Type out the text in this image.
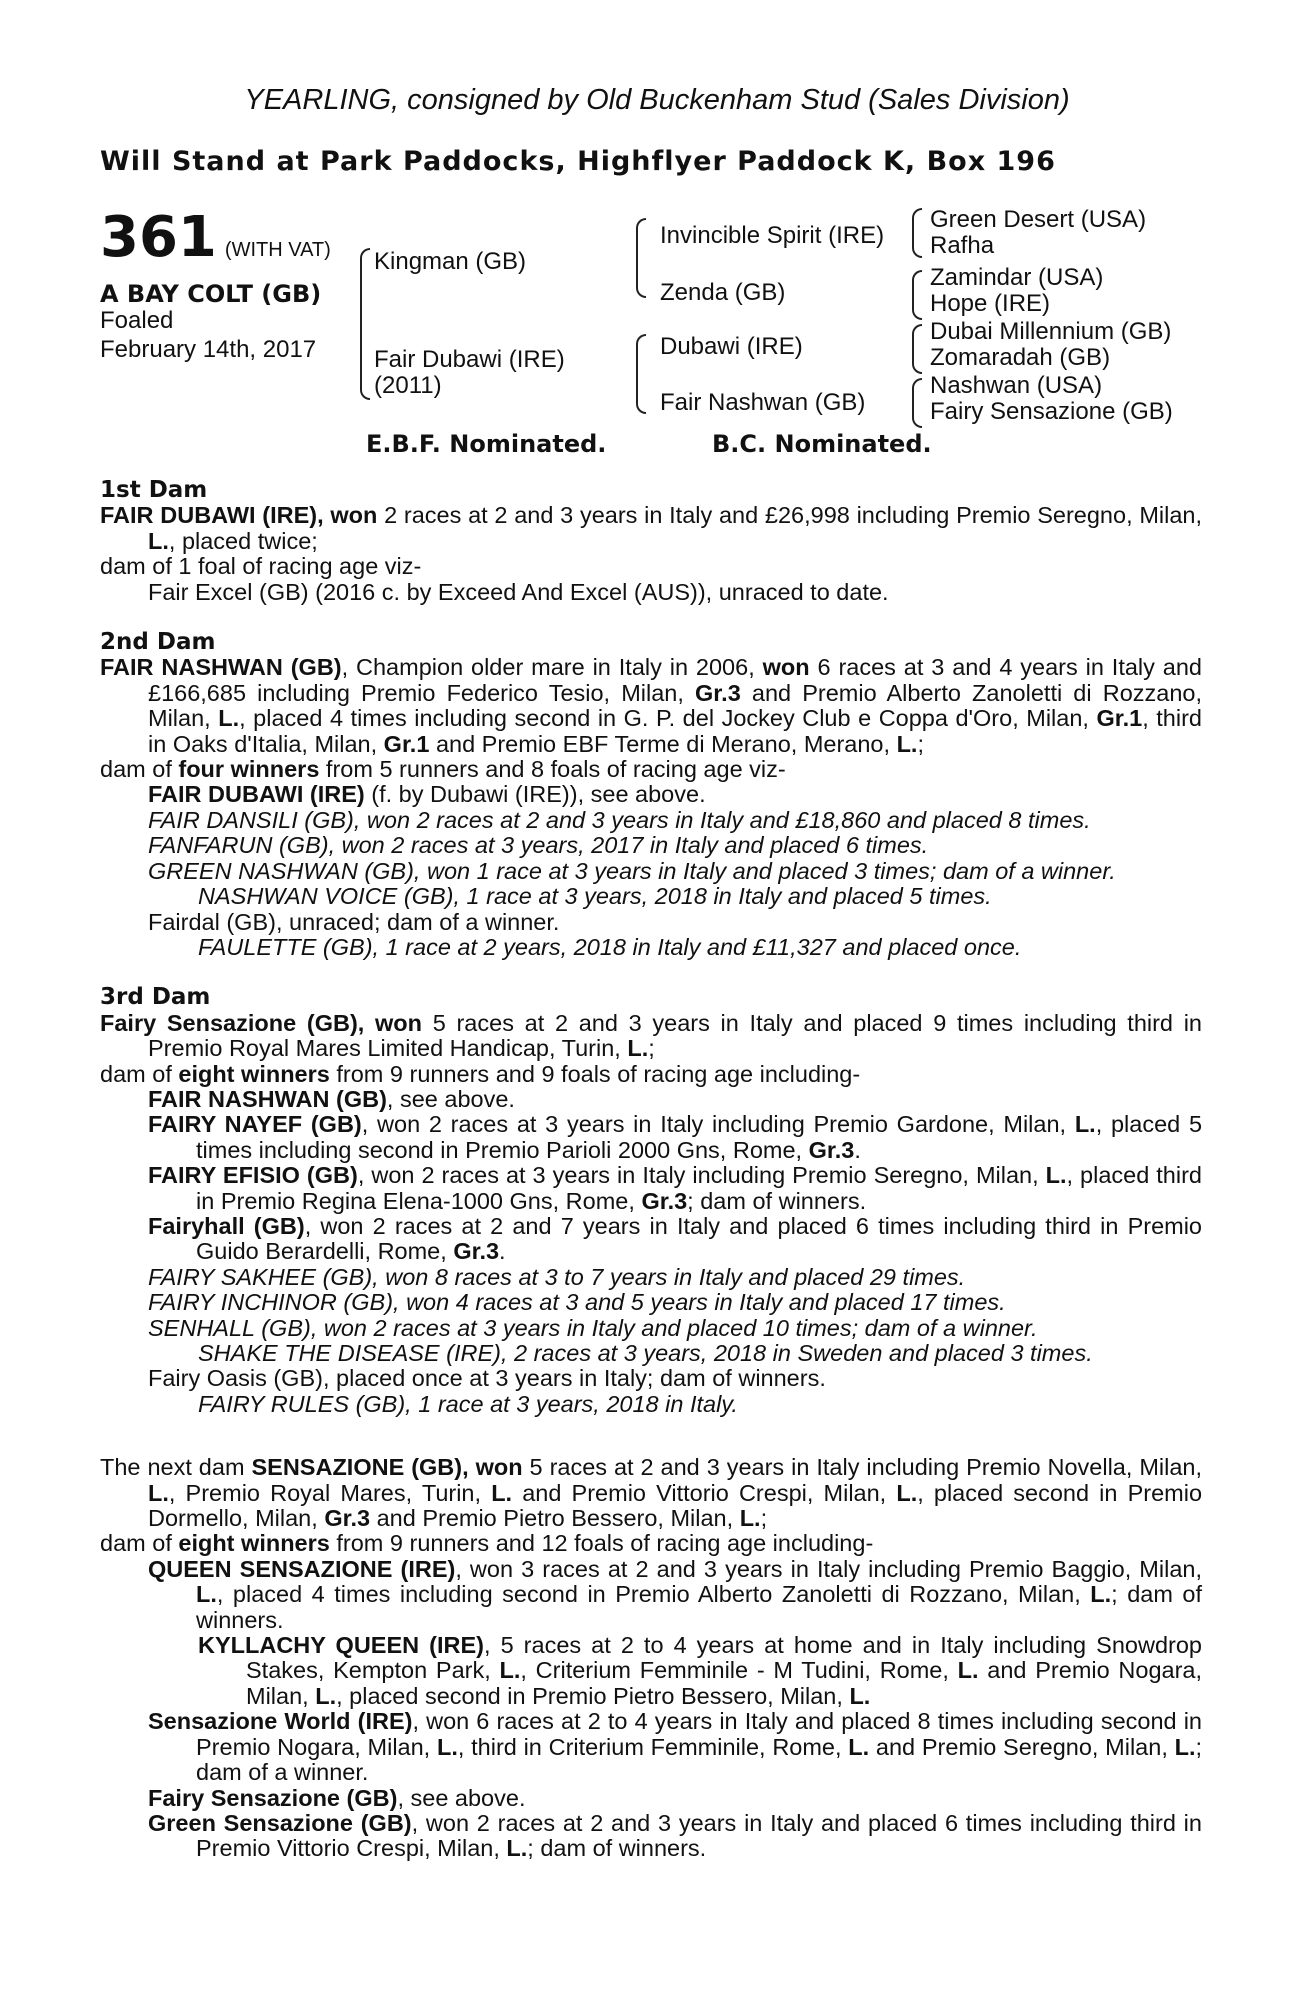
YEARLING, consigned by Old Buckenham Stud (Sales Division)
Will Stand at Park Paddocks, Highflyer Paddock K, Box 196
361 (WITH VAT)
A BAY COLT (GB)
Foaled
February 14th, 2017
Kingman (GB)
Fair Dubawi (IRE)
(2011)
Invincible Spirit (IRE)
Zenda (GB)
Dubawi (IRE)
Fair Nashwan (GB)
Green Desert (USA)
Rafha
Zamindar (USA)
Hope (IRE)
Dubai Millennium (GB)
Zomaradah (GB)
Nashwan (USA)
Fairy Sensazione (GB)
E.B.F. Nominated.	B.C. Nominated.
1st Dam

FAIR DUBAWI (IRE), won 2 races at 2 and 3 years in Italy and £26,998 including Premio Seregno, Milan, L., placed twice;

dam of 1 foal of racing age viz-

Fair Excel (GB) (2016 c. by Exceed And Excel (AUS)), unraced to date.

2nd Dam

FAIR NASHWAN (GB), Champion older mare in Italy in 2006, won 6 races at 3 and 4 years in Italy and £166,685 including Premio Federico Tesio, Milan, Gr.3 and Premio Alberto Zanoletti di Rozzano, Milan, L., placed 4 times including second in G. P. del Jockey Club e Coppa d'Oro, Milan, Gr.1, third in Oaks d'Italia, Milan, Gr.1 and Premio EBF Terme di Merano, Merano, L.;

dam of four winners from 5 runners and 8 foals of racing age viz-

FAIR DUBAWI (IRE) (f. by Dubawi (IRE)), see above.

FAIR DANSILI (GB), won 2 races at 2 and 3 years in Italy and £18,860 and placed 8 times.

FANFARUN (GB), won 2 races at 3 years, 2017 in Italy and placed 6 times.

GREEN NASHWAN (GB), won 1 race at 3 years in Italy and placed 3 times; dam of a winner.

NASHWAN VOICE (GB), 1 race at 3 years, 2018 in Italy and placed 5 times.

Fairdal (GB), unraced; dam of a winner.

FAULETTE (GB), 1 race at 2 years, 2018 in Italy and £11,327 and placed once.

3rd Dam

Fairy Sensazione (GB), won 5 races at 2 and 3 years in Italy and placed 9 times including third in Premio Royal Mares Limited Handicap, Turin, L.;

dam of eight winners from 9 runners and 9 foals of racing age including-

FAIR NASHWAN (GB), see above.

FAIRY NAYEF (GB), won 2 races at 3 years in Italy including Premio Gardone, Milan, L., placed 5 times including second in Premio Parioli 2000 Gns, Rome, Gr.3.

FAIRY EFISIO (GB), won 2 races at 3 years in Italy including Premio Seregno, Milan, L., placed third in Premio Regina Elena-1000 Gns, Rome, Gr.3; dam of winners.

Fairyhall (GB), won 2 races at 2 and 7 years in Italy and placed 6 times including third in Premio Guido Berardelli, Rome, Gr.3.

FAIRY SAKHEE (GB), won 8 races at 3 to 7 years in Italy and placed 29 times.

FAIRY INCHINOR (GB), won 4 races at 3 and 5 years in Italy and placed 17 times.

SENHALL (GB), won 2 races at 3 years in Italy and placed 10 times; dam of a winner.

SHAKE THE DISEASE (IRE), 2 races at 3 years, 2018 in Sweden and placed 3 times.

Fairy Oasis (GB), placed once at 3 years in Italy; dam of winners.

FAIRY RULES (GB), 1 race at 3 years, 2018 in Italy.

The next dam SENSAZIONE (GB), won 5 races at 2 and 3 years in Italy including Premio Novella, Milan, L., Premio Royal Mares, Turin, L. and Premio Vittorio Crespi, Milan, L., placed second in Premio Dormello, Milan, Gr.3 and Premio Pietro Bessero, Milan, L.;

dam of eight winners from 9 runners and 12 foals of racing age including-

QUEEN SENSAZIONE (IRE), won 3 races at 2 and 3 years in Italy including Premio Baggio, Milan, L., placed 4 times including second in Premio Alberto Zanoletti di Rozzano, Milan, L.; dam of winners.

KYLLACHY QUEEN (IRE), 5 races at 2 to 4 years at home and in Italy including Snowdrop Stakes, Kempton Park, L., Criterium Femminile - M Tudini, Rome, L. and Premio Nogara, Milan, L., placed second in Premio Pietro Bessero, Milan, L.

Sensazione World (IRE), won 6 races at 2 to 4 years in Italy and placed 8 times including second in Premio Nogara, Milan, L., third in Criterium Femminile, Rome, L. and Premio Seregno, Milan, L.; dam of a winner.

Fairy Sensazione (GB), see above.

Green Sensazione (GB), won 2 races at 2 and 3 years in Italy and placed 6 times including third in Premio Vittorio Crespi, Milan, L.; dam of winners.
